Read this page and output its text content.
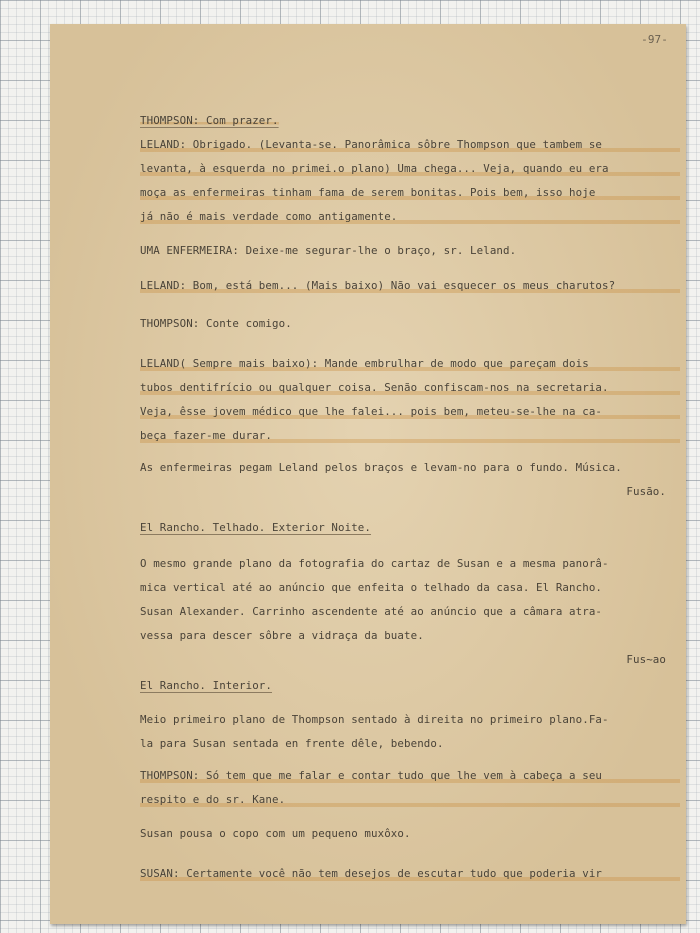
-97-
THOMPSON: Com prazer.
LELAND: Obrigado. (Levanta-se. Panorâmica sôbre Thompson que tambem se
levanta, à esquerda no primei.o plano) Uma chega... Veja, quando eu era
moça as enfermeiras tinham fama de serem bonitas. Pois bem, isso hoje
já não é mais verdade como antigamente.
UMA ENFERMEIRA: Deixe-me segurar-lhe o braço, sr. Leland.
LELAND: Bom, está bem... (Mais baixo) Não vai esquecer os meus charutos?
THOMPSON: Conte comigo.
LELAND( Sempre mais baixo): Mande embrulhar de modo que pareçam dois
tubos dentifrício ou qualquer coisa. Senão confiscam-nos na secretaria.
Veja, êsse jovem médico que lhe falei... pois bem, meteu-se-lhe na ca-
beça fazer-me durar.
As enfermeiras pegam Leland pelos braços e levam-no para o fundo. Música.
Fusão.
El Rancho. Telhado. Exterior Noite.
O mesmo grande plano da fotografia do cartaz de Susan e a mesma panorâ-
mica vertical até ao anúncio que enfeita o telhado da casa. El Rancho.
Susan Alexander. Carrinho ascendente até ao anúncio que a câmara atra-
vessa para descer sôbre a vidraça da buate.
Fus~ao
El Rancho. Interior.
Meio primeiro plano de Thompson sentado à direita no primeiro plano.Fa-
la para Susan sentada en frente dêle, bebendo.
THOMPSON: Só tem que me falar e contar tudo que lhe vem à cabeça a seu
respito e do sr. Kane.
Susan pousa o copo com um pequeno muxôxo.
SUSAN: Certamente você não tem desejos de escutar tudo que poderia vir
